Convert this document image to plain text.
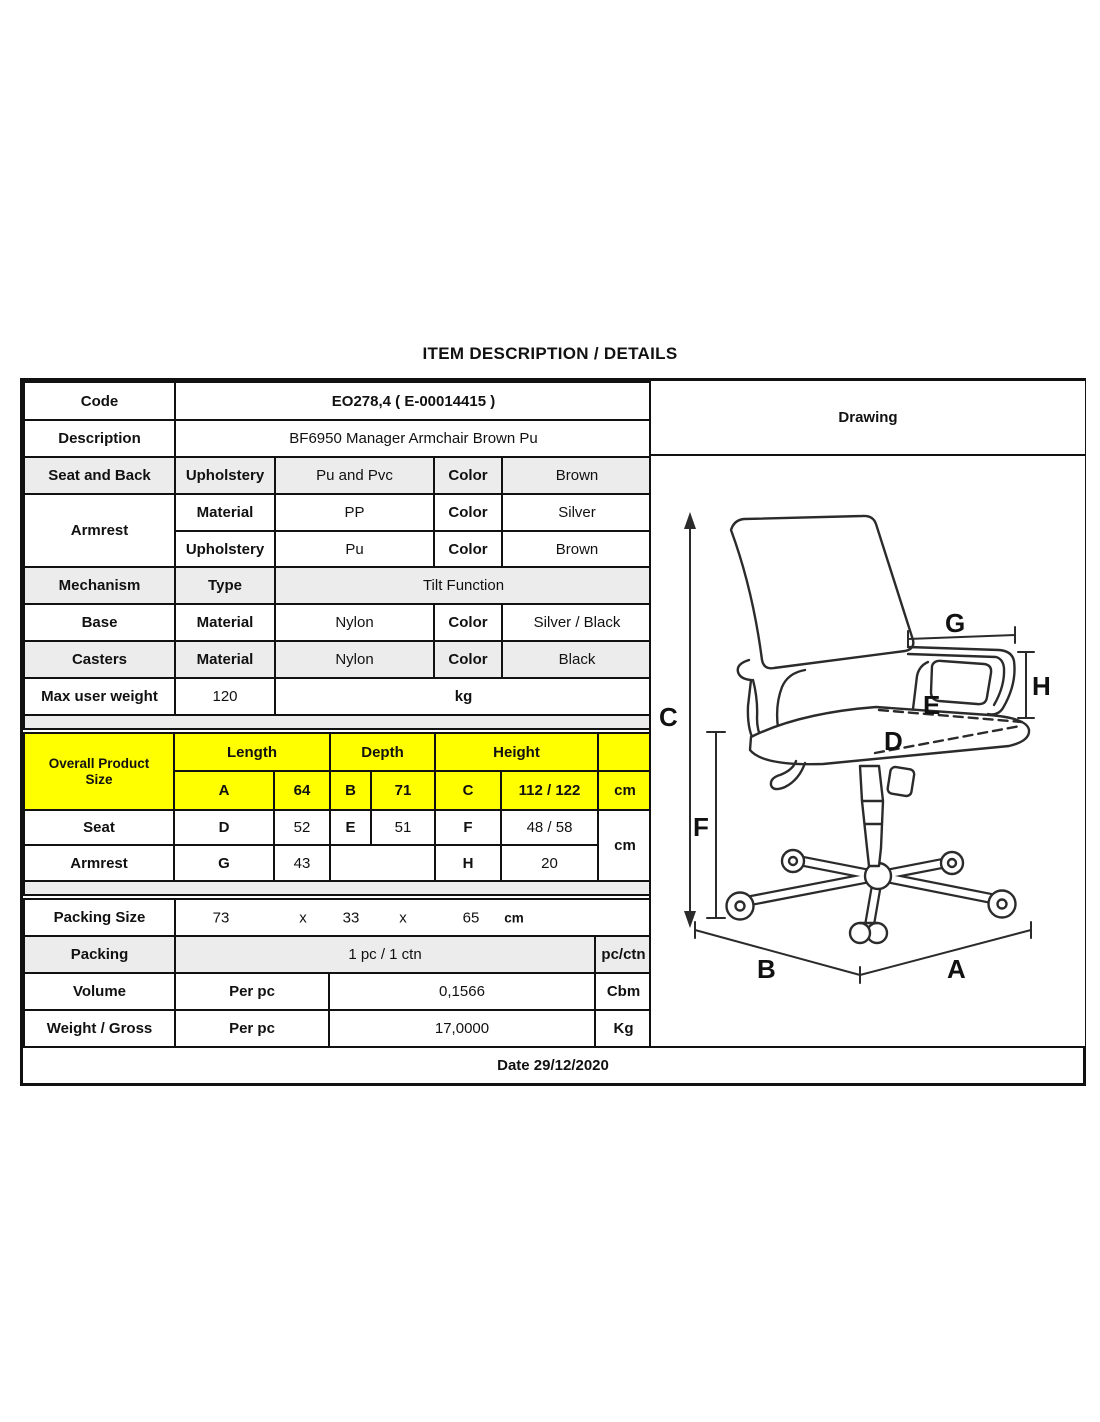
ITEM DESCRIPTION / DETAILS
Code	EO278,4 ( E-00014415 )			
Description	BF6950 Manager Armchair Brown Pu			
Seat and Back	Upholstery	Pu and Pvc	Color	Brown
Armrest	Material	PP	Color	Silver
	Upholstery	Pu	Color	Brown
Mechanism	Type	Tilt Function		
Base	Material	Nylon	Color	Silver / Black
Casters	Material	Nylon	Color	Black
Max user weight	120	kg		

Overall Product
Size	Length		Depth		Height		
	A	64	B	71	C	112 / 122	cm
Seat	D	52	E	51	F	48 / 58	cm
Armrest	G	43			H	20	

Packing Size	73	x 33	x	65 cm

Packing	1 pc / 1 ctn		pc/ctn
Volume	Per pc	0,1566	Cbm
Weight / Gross	Per pc	17,0000	Kg
Date 29/12/2020
Drawing
C
F
G
H
E
D
B	A
